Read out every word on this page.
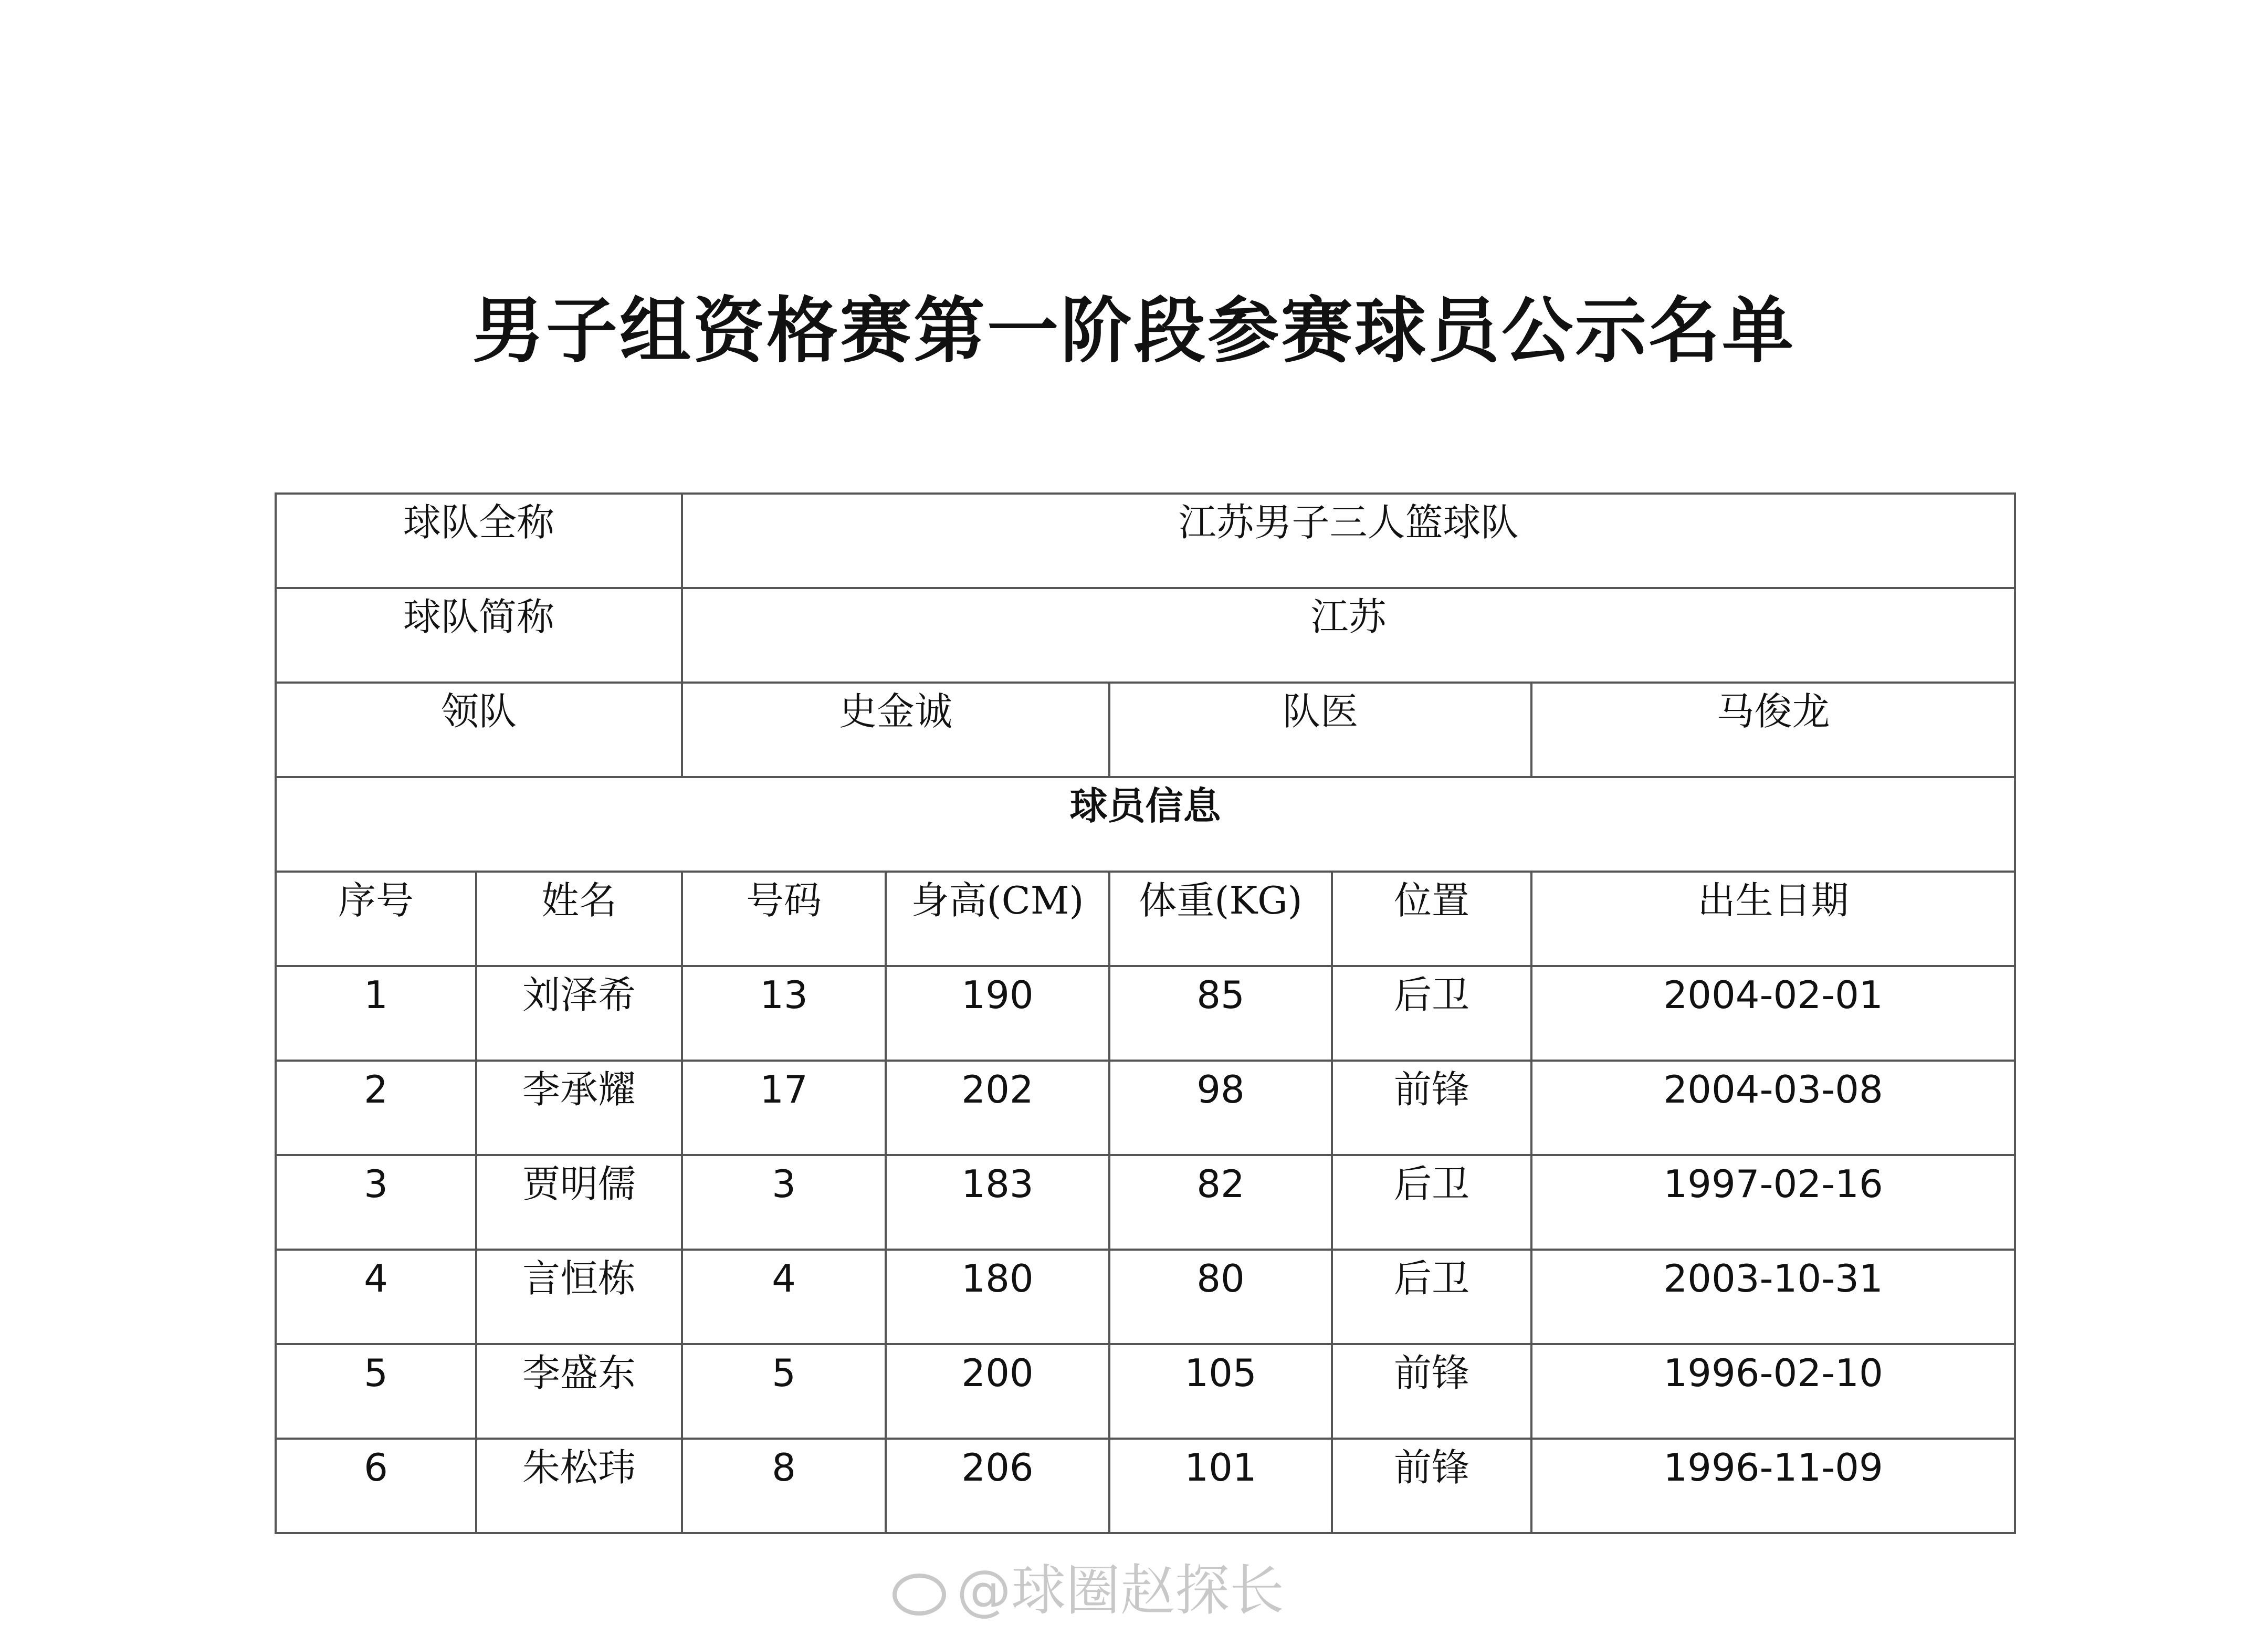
男子组资格赛第一阶段参赛球员公示名单
球队全称		江苏男子三人篮球队				
球队简称		江苏				
领队		史金诚		队医		马俊龙
球员信息						
序号	姓名	号码	身高(CM)	体重(KG)	位置	出生日期
1	刘泽希	13	190	85	后卫	2004-02-01
2	李承耀	17	202	98	前锋	2004-03-08
3	贾明儒	3	183	82	后卫	1997-02-16
4	言恒栋	4	180	80	后卫	2003-10-31
5	李盛东	5	200	105	前锋	1996-02-10
6	朱松玮	8	206	101	前锋	1996-11-09
@球圈赵探长
